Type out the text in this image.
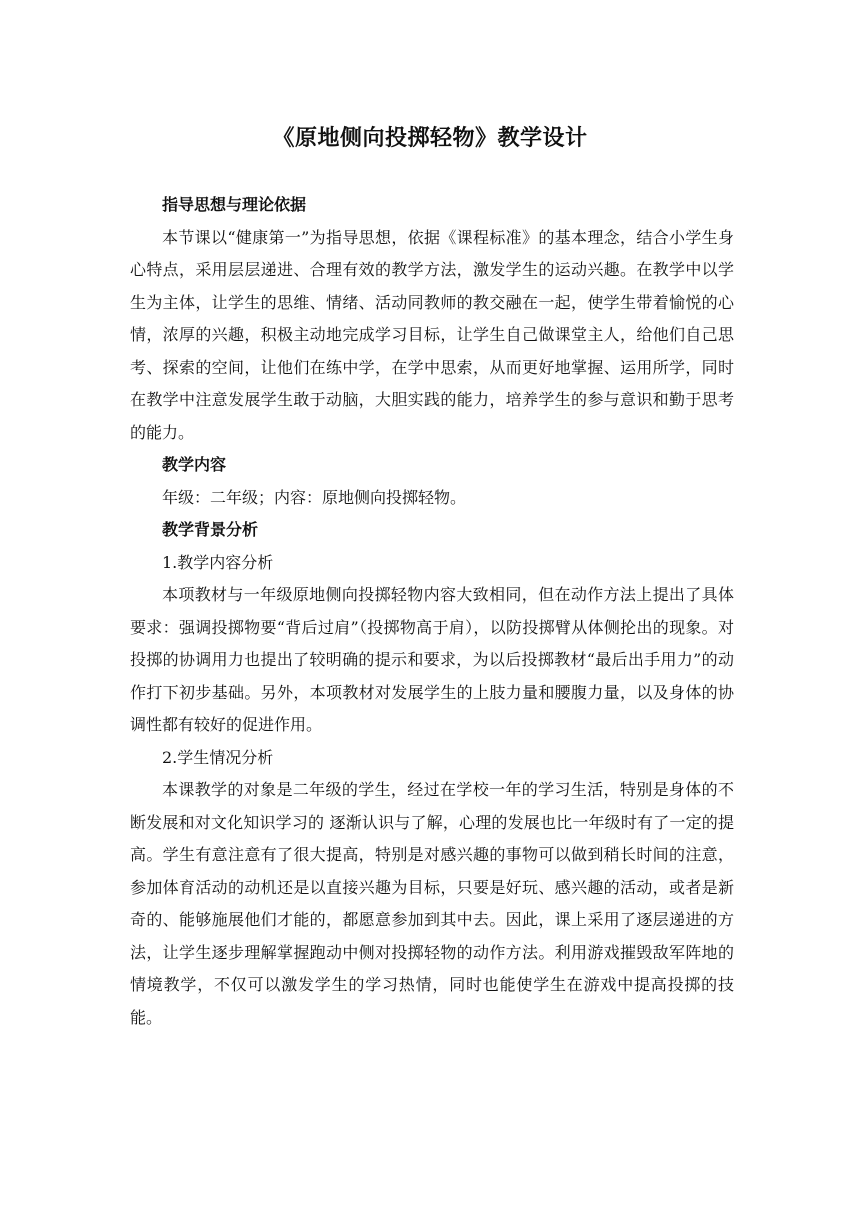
《原地侧向投掷轻物》教学设计

指导思想与理论依据

本节课以“健康第一”为指导思想，依据《课程标准》的基本理念，结合小学生身心特点，采用层层递进、合理有效的教学方法，激发学生的运动兴趣。在教学中以学生为主体，让学生的思维、情绪、活动同教师的教交融在一起，使学生带着愉悦的心情，浓厚的兴趣，积极主动地完成学习目标，让学生自己做课堂主人，给他们自己思考、探索的空间，让他们在练中学，在学中思索，从而更好地掌握、运用所学，同时在教学中注意发展学生敢于动脑，大胆实践的能力，培养学生的参与意识和勤于思考的能力。

教学内容

年级：二年级；内容：原地侧向投掷轻物。

教学背景分析

1.教学内容分析

本项教材与一年级原地侧向投掷轻物内容大致相同，但在动作方法上提出了具体要求：强调投掷物要“背后过肩”（投掷物高于肩），以防投掷臂从体侧抡出的现象。对投掷的协调用力也提出了较明确的提示和要求，为以后投掷教材“最后出手用力”的动作打下初步基础。另外，本项教材对发展学生的上肢力量和腰腹力量，以及身体的协调性都有较好的促进作用。

2.学生情况分析

本课教学的对象是二年级的学生，经过在学校一年的学习生活，特别是身体的不断发展和对文化知识学习的 逐渐认识与了解，心理的发展也比一年级时有了一定的提高。学生有意注意有了很大提高，特别是对感兴趣的事物可以做到稍长时间的注意，参加体育活动的动机还是以直接兴趣为目标，只要是好玩、感兴趣的活动，或者是新奇的、能够施展他们才能的，都愿意参加到其中去。因此，课上采用了逐层递进的方法，让学生逐步理解掌握跑动中侧对投掷轻物的动作方法。利用游戏摧毁敌军阵地的情境教学，不仅可以激发学生的学习热情，同时也能使学生在游戏中提高投掷的技能。
